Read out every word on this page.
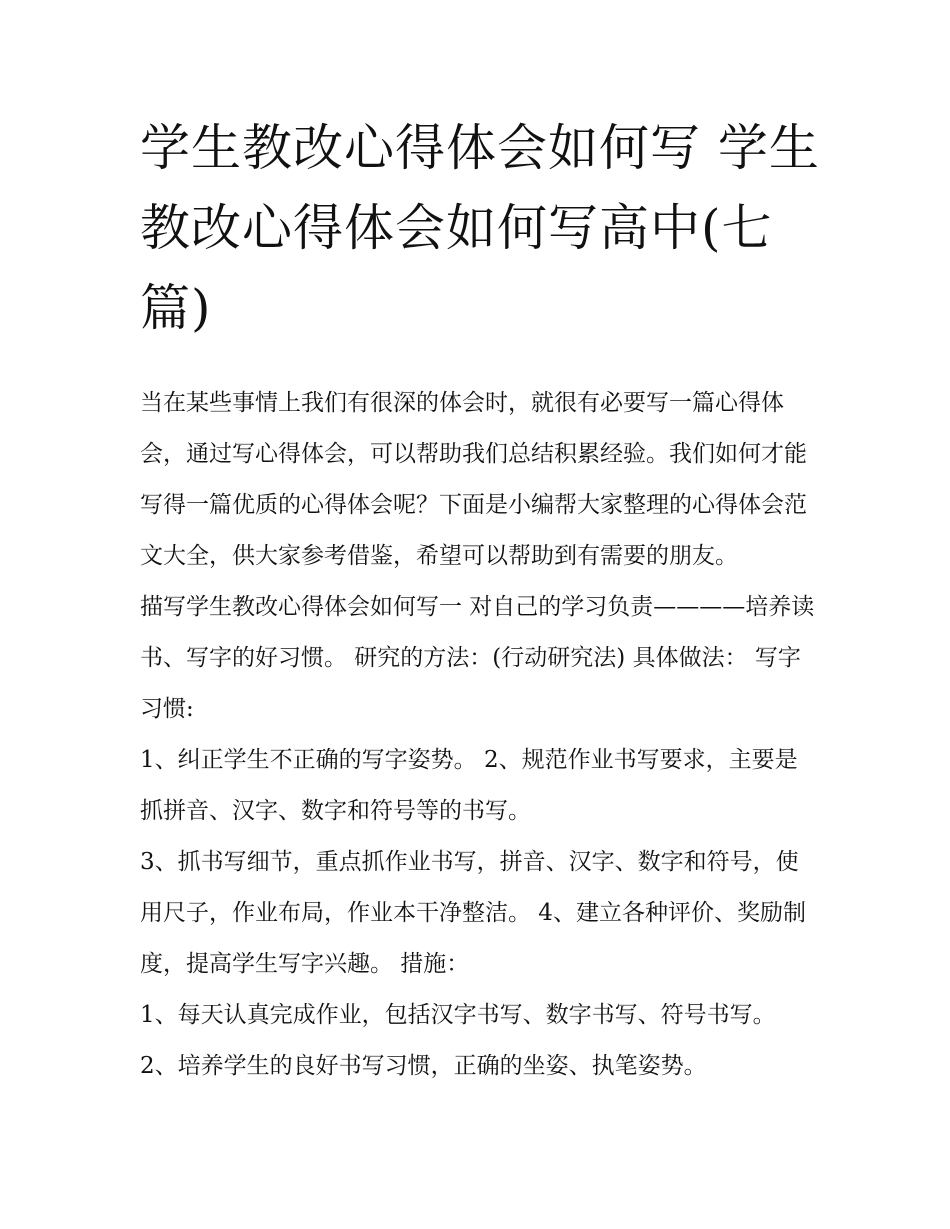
学生教改心得体会如何写 学生教改心得体会如何写高中(七篇)

当在某些事情上我们有很深的体会时，就很有必要写一篇心得体会，通过写心得体会，可以帮助我们总结积累经验。我们如何才能写得一篇优质的心得体会呢？下面是小编帮大家整理的心得体会范文大全，供大家参考借鉴，希望可以帮助到有需要的朋友。

描写学生教改心得体会如何写一 对自己的学习负责————培养读书、写字的好习惯。 研究的方法：(行动研究法) 具体做法： 写字习惯:

1、纠正学生不正确的写字姿势。 2、规范作业书写要求，主要是抓拼音、汉字、数字和符号等的书写。

3、抓书写细节，重点抓作业书写，拼音、汉字、数字和符号，使用尺子，作业布局，作业本干净整洁。 4、建立各种评价、奖励制度，提高学生写字兴趣。 措施：

1、每天认真完成作业，包括汉字书写、数字书写、符号书写。 2、培养学生的良好书写习惯，正确的坐姿、执笔姿势。
